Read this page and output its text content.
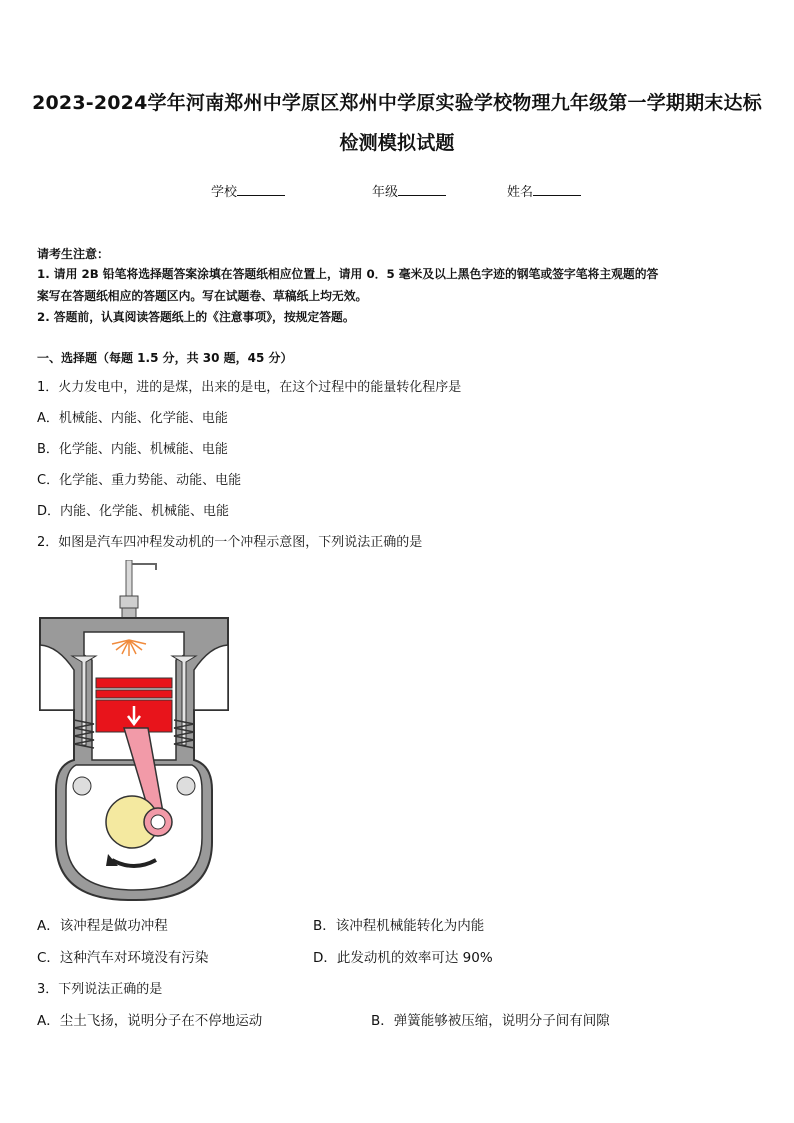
2023-2024学年河南郑州中学原区郑州中学原实验学校物理九年级第一学期期末达标
检测模拟试题
学校	年级	姓名
请考生注意：
1. 请用 2B 铅笔将选择题答案涂填在答题纸相应位置上，请用 0．5 毫米及以上黑色字迹的钢笔或签字笔将主观题的答
案写在答题纸相应的答题区内。写在试题卷、草稿纸上均无效。
2. 答题前，认真阅读答题纸上的《注意事项》，按规定答题。
一、选择题（每题 1.5 分，共 30 题，45 分）
1．火力发电中，进的是煤，出来的是电，在这个过程中的能量转化程序是
A．机械能、内能、化学能、电能
B．化学能、内能、机械能、电能
C．化学能、重力势能、动能、电能
D．内能、化学能、机械能、电能
2．如图是汽车四冲程发动机的一个冲程示意图，下列说法正确的是
A．该冲程是做功冲程	B．该冲程机械能转化为内能
C．这种汽车对环境没有污染	D．此发动机的效率可达 90%
3．下列说法正确的是
A．尘土飞扬，说明分子在不停地运动	B．弹簧能够被压缩，说明分子间有间隙
